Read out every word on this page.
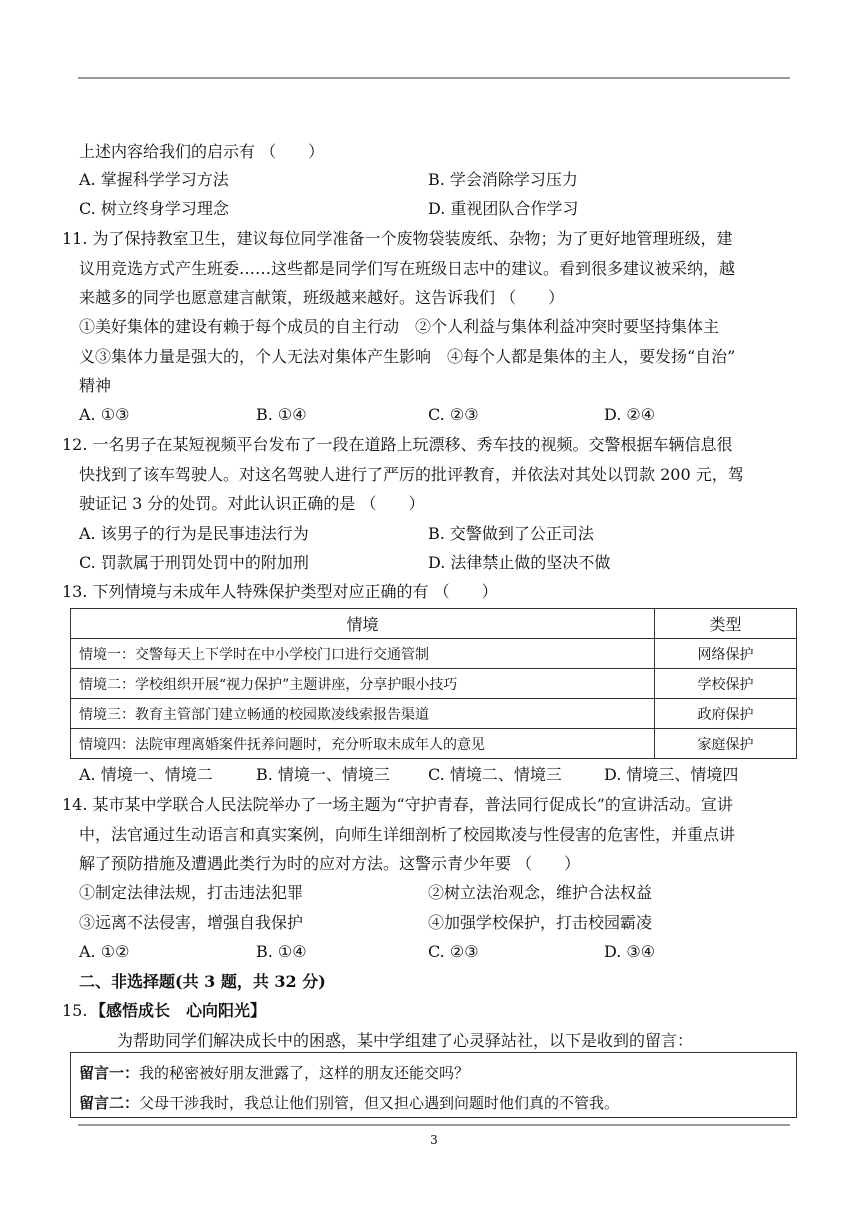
上述内容给我们的启示有 （　　）
A. 掌握科学学习方法	B. 学会消除学习压力
C. 树立终身学习理念	D. 重视团队合作学习
11. 为了保持教室卫生，建议每位同学准备一个废物袋装废纸、杂物；为了更好地管理班级，建
议用竞选方式产生班委……这些都是同学们写在班级日志中的建议。看到很多建议被采纳，越
来越多的同学也愿意建言献策，班级越来越好。这告诉我们 （　　）
①美好集体的建设有赖于每个成员的自主行动　②个人利益与集体利益冲突时要坚持集体主
义③集体力量是强大的，个人无法对集体产生影响　④每个人都是集体的主人，要发扬“自治”
精神
A. ①③	B. ①④	C. ②③	D. ②④
12. 一名男子在某短视频平台发布了一段在道路上玩漂移、秀车技的视频。交警根据车辆信息很
快找到了该车驾驶人。对这名驾驶人进行了严厉的批评教育，并依法对其处以罚款 200 元，驾
驶证记 3 分的处罚。对此认识正确的是 （　　）
A. 该男子的行为是民事违法行为	B. 交警做到了公正司法
C. 罚款属于刑罚处罚中的附加刑	D. 法律禁止做的坚决不做
13. 下列情境与未成年人特殊保护类型对应正确的有 （　　）
情境	类型
情境一：交警每天上下学时在中小学校门口进行交通管制	网络保护
情境二：学校组织开展“视力保护”主题讲座，分享护眼小技巧	学校保护
情境三：教育主管部门建立畅通的校园欺凌线索报告渠道	政府保护
情境四：法院审理离婚案件抚养问题时，充分听取未成年人的意见	家庭保护
A. 情境一、情境二	B. 情境一、情境三 C. 情境二、情境三	D. 情境三、情境四
14. 某市某中学联合人民法院举办了一场主题为“守护青春，普法同行促成长”的宣讲活动。宣讲
中，法官通过生动语言和真实案例，向师生详细剖析了校园欺凌与性侵害的危害性，并重点讲
解了预防措施及遭遇此类行为时的应对方法。这警示青少年要 （　　）
①制定法律法规，打击违法犯罪	②树立法治观念，维护合法权益
③远离不法侵害，增强自我保护	④加强学校保护，打击校园霸凌
A. ①②	B. ①④	C. ②③	D. ③④
二、非选择题(共 3 题，共 32 分)
15. 【感悟成长　心向阳光】
为帮助同学们解决成长中的困惑，某中学组建了心灵驿站社，以下是收到的留言：
留言一：我的秘密被好朋友泄露了，这样的朋友还能交吗？
留言二：父母干涉我时，我总让他们别管，但又担心遇到问题时他们真的不管我。
3
